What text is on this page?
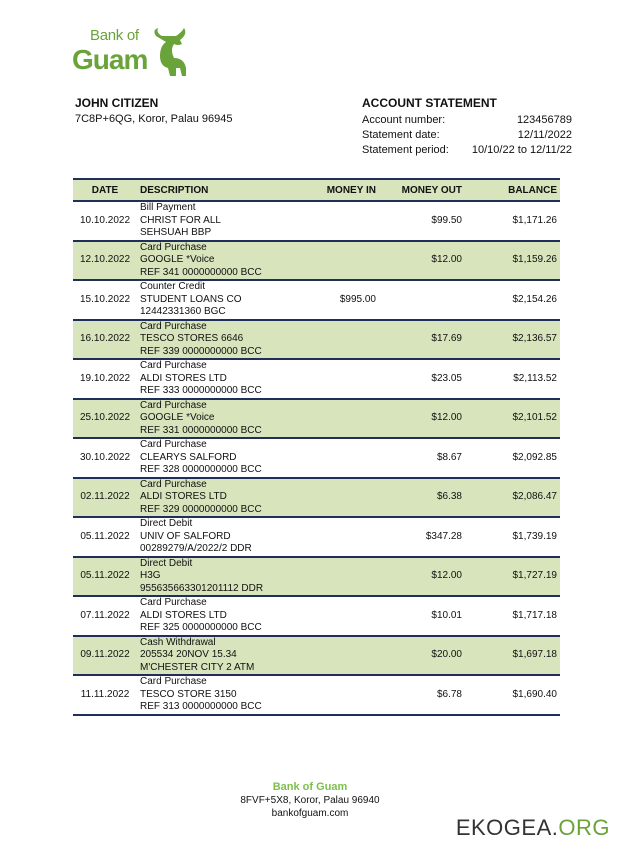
Bank of
Guam
JOHN CITIZEN
7C8P+6QG, Koror, Palau 96945
ACCOUNT STATEMENT
Account number:	123456789
Statement date:	12/11/2022
Statement period: 10/10/22 to 12/11/22
DATE	DESCRIPTION	MONEY IN	MONEY OUT	BALANCE
10.10.2022	Bill Payment
CHRIST FOR ALL
SEHSUAH BBP		$99.50	$1,171.26
12.10.2022	Card Purchase
GOOGLE *Voice
REF 341 0000000000 BCC		$12.00	$1,159.26
15.10.2022	Counter Credit
STUDENT LOANS CO
12442331360 BGC	$995.00		$2,154.26
16.10.2022	Card Purchase
TESCO STORES 6646
REF 339 0000000000 BCC		$17.69	$2,136.57
19.10.2022	Card Purchase
ALDI STORES LTD
REF 333 0000000000 BCC		$23.05	$2,113.52
25.10.2022	Card Purchase
GOOGLE *Voice
REF 331 0000000000 BCC		$12.00	$2,101.52
30.10.2022	Card Purchase
CLEARYS SALFORD
REF 328 0000000000 BCC		$8.67	$2,092.85
02.11.2022	Card Purchase
ALDI STORES LTD
REF 329 0000000000 BCC		$6.38	$2,086.47
05.11.2022	Direct Debit
UNIV OF SALFORD
00289279/A/2022/2 DDR		$347.28	$1,739.19
05.11.2022	Direct Debit
H3G
955635663301201112 DDR		$12.00	$1,727.19
07.11.2022	Card Purchase
ALDI STORES LTD
REF 325 0000000000 BCC		$10.01	$1,717.18
09.11.2022	Cash Withdrawal
205534 20NOV 15.34
M'CHESTER CITY 2 ATM		$20.00	$1,697.18
11.11.2022	Card Purchase
TESCO STORE 3150
REF 313 0000000000 BCC		$6.78	$1,690.40
Bank of Guam
8FVF+5X8, Koror, Palau 96940
bankofguam.com
EKOGEA.ORG
